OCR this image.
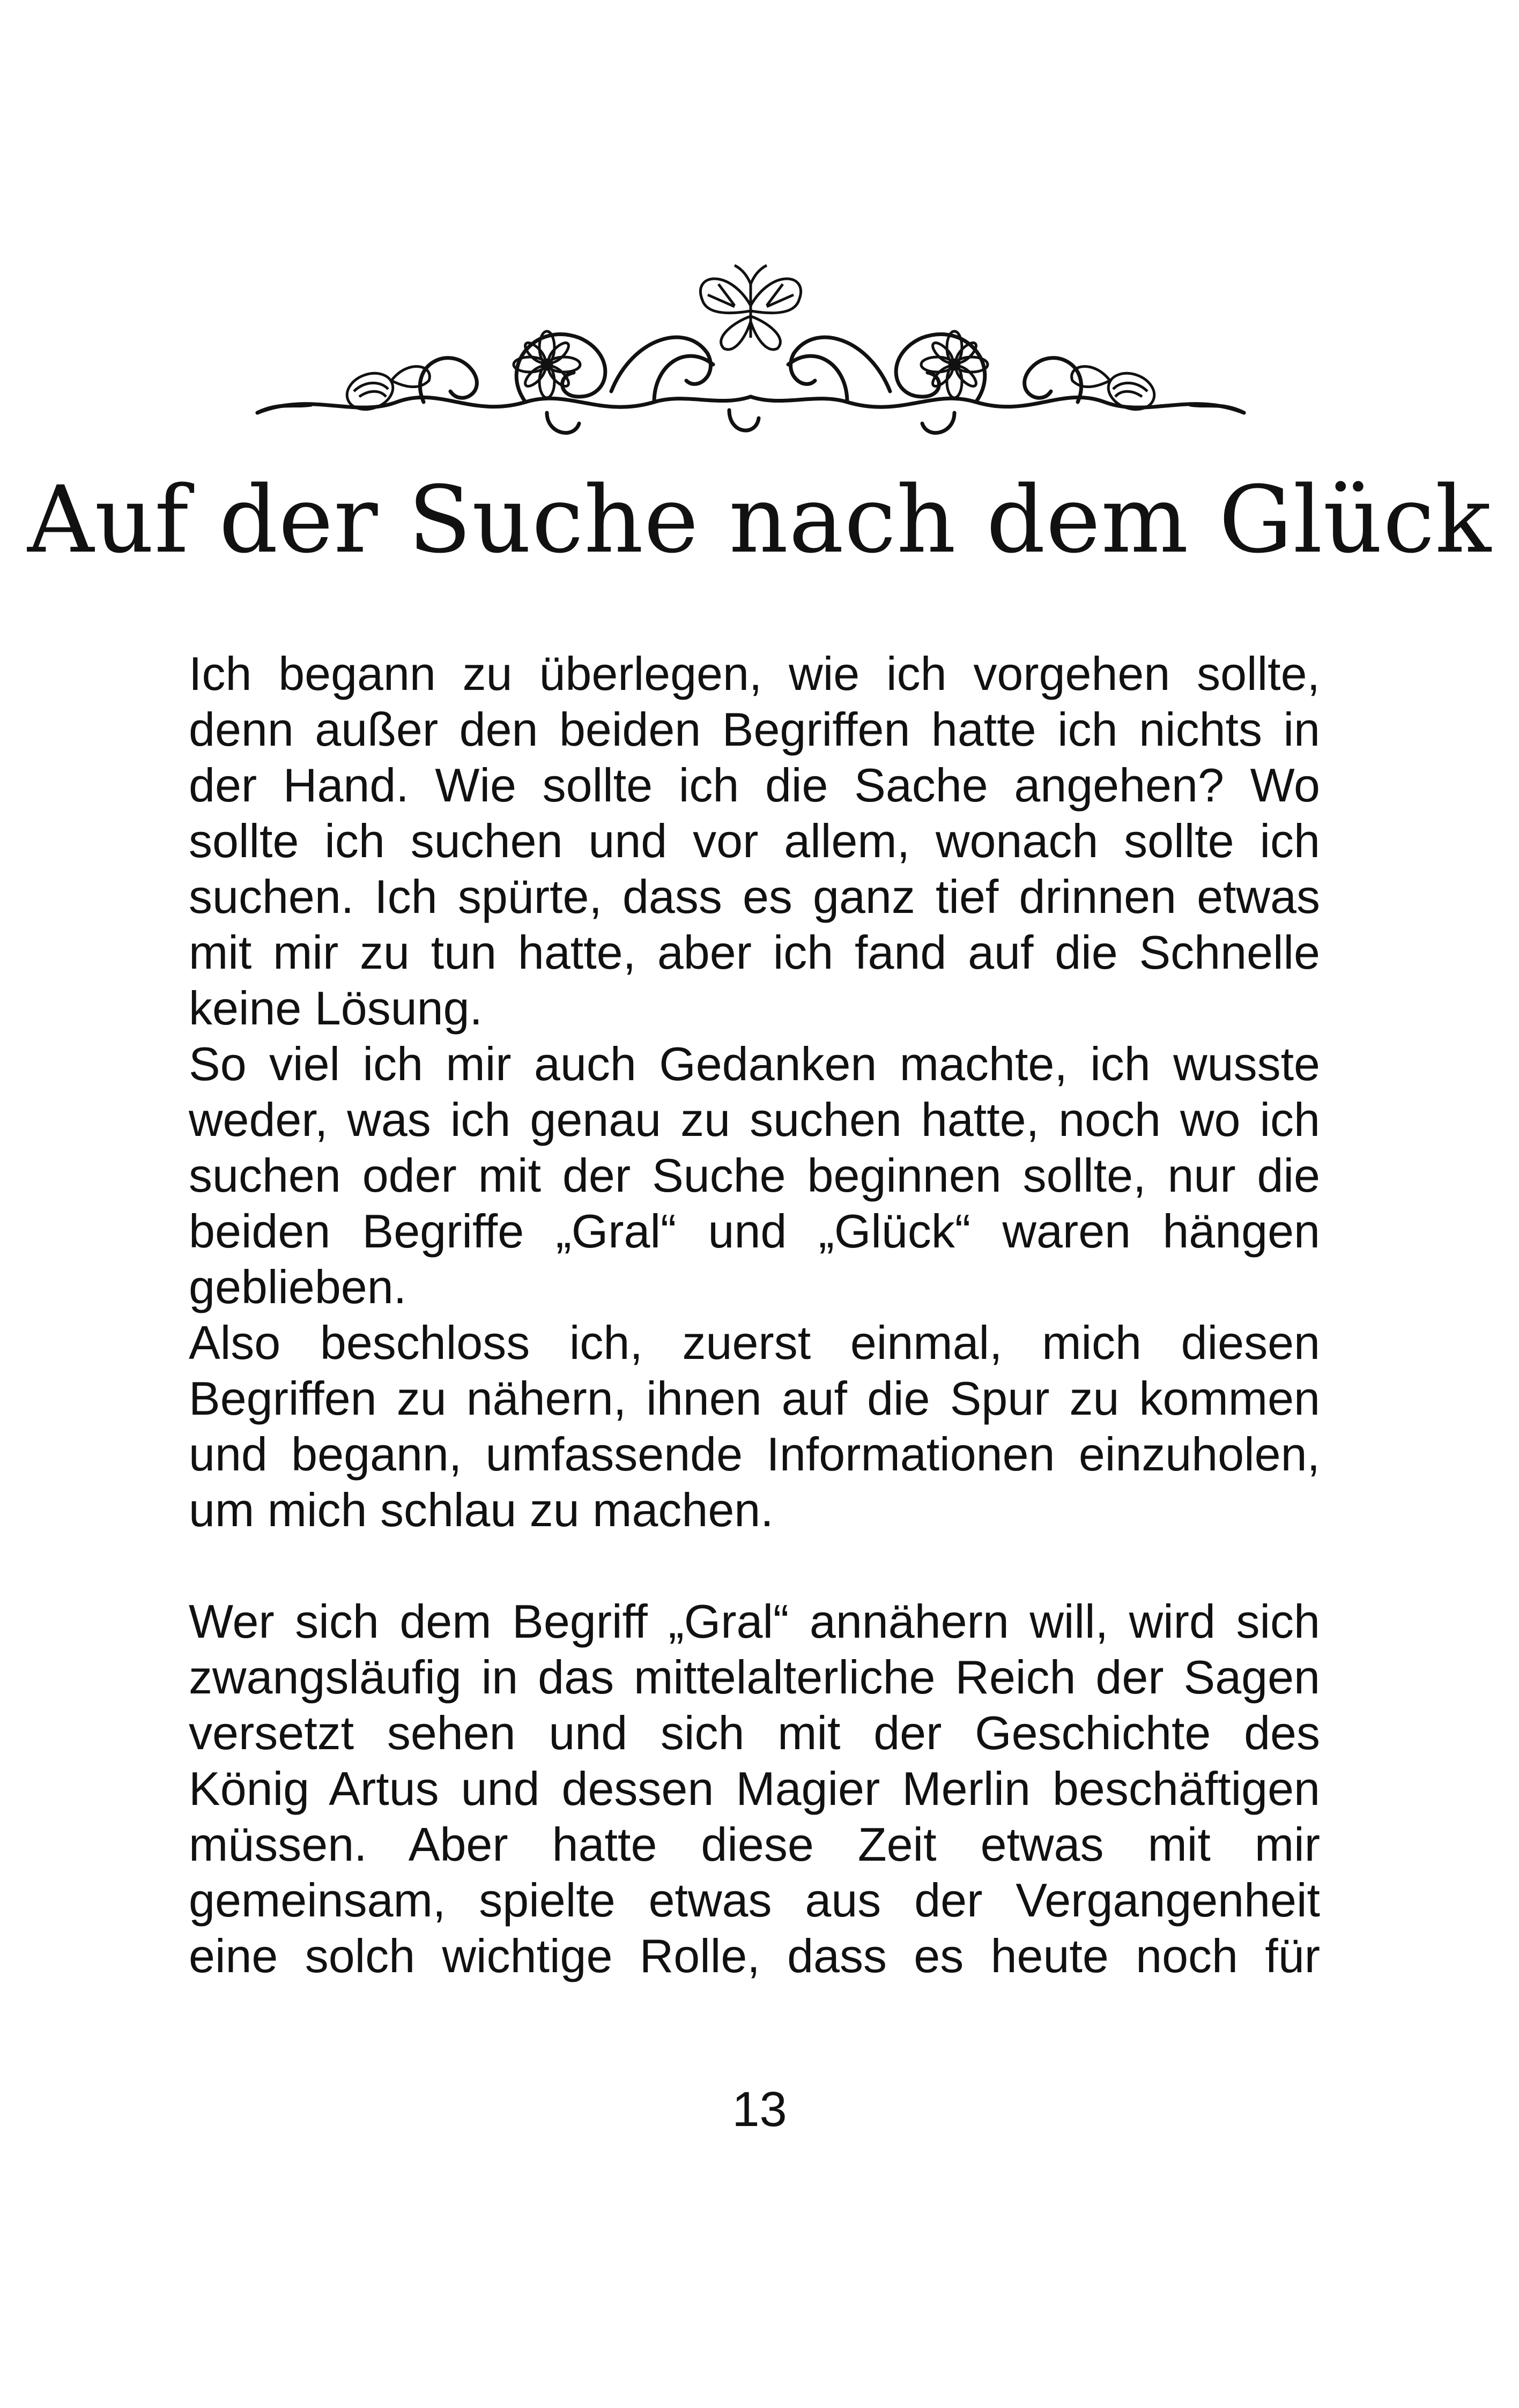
Auf der Suche nach dem Glück
Ich begann zu überlegen, wie ich vorgehen sollte,
denn außer den beiden Begriffen hatte ich nichts in
der Hand. Wie sollte ich die Sache angehen? Wo
sollte ich suchen und vor allem, wonach sollte ich
suchen. Ich spürte, dass es ganz tief drinnen etwas
mit mir zu tun hatte, aber ich fand auf die Schnelle
keine Lösung.
So viel ich mir auch Gedanken machte, ich wusste
weder, was ich genau zu suchen hatte, noch wo ich
suchen oder mit der Suche beginnen sollte, nur die
beiden Begriffe „Gral“ und „Glück“ waren hängen
geblieben.
Also beschloss ich, zuerst einmal, mich diesen
Begriffen zu nähern, ihnen auf die Spur zu kommen
und begann, umfassende Informationen einzuholen,
um mich schlau zu machen.
Wer sich dem Begriff „Gral“ annähern will, wird sich
zwangsläufig in das mittelalterliche Reich der Sagen
versetzt sehen und sich mit der Geschichte des
König Artus und dessen Magier Merlin beschäftigen
müssen. Aber hatte diese Zeit etwas mit mir
gemeinsam, spielte etwas aus der Vergangenheit
eine solch wichtige Rolle, dass es heute noch für
13
